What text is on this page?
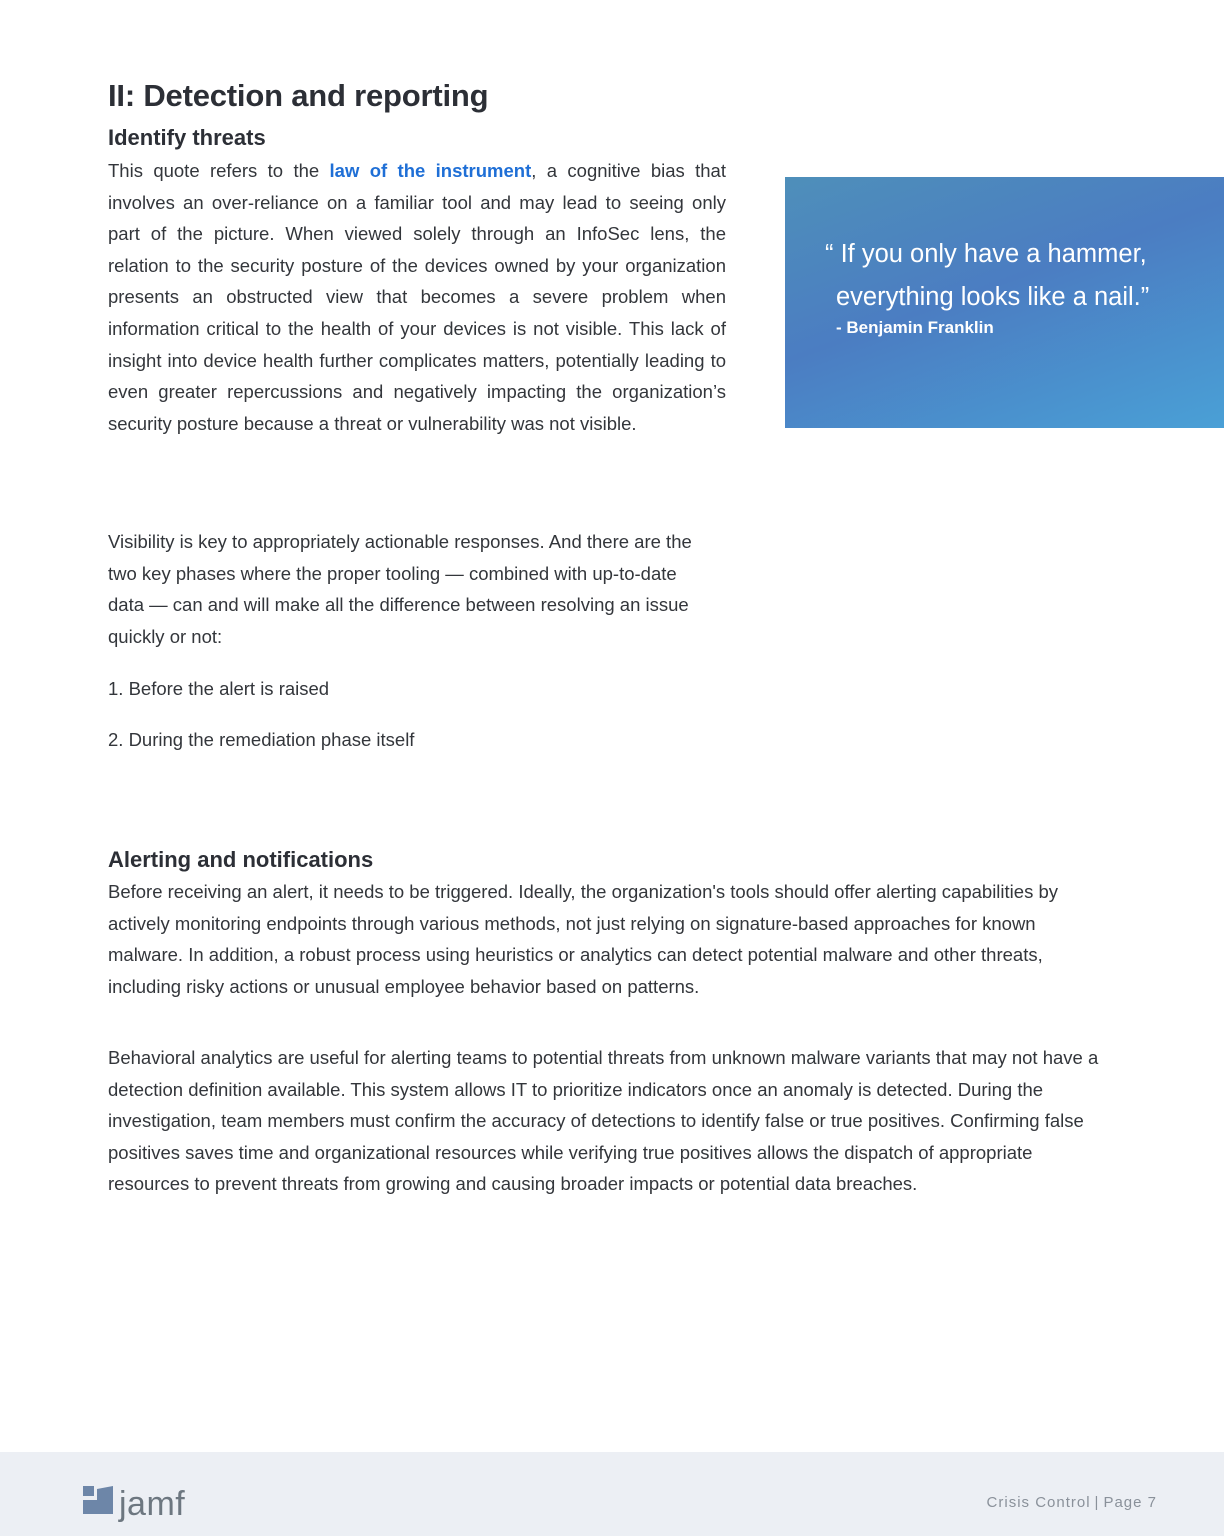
II: Detection and reporting
Identify threats

This quote refers to the law of the instrument, a cognitive bias that involves an over-reliance on a familiar tool and may lead to seeing only part of the picture. When viewed solely through an InfoSec lens, the relation to the security posture of the devices owned by your organization presents an obstructed view that becomes a severe problem when information critical to the health of your devices is not visible. This lack of insight into device health further complicates matters, potentially leading to even greater repercussions and negatively impacting the organization’s security posture because a threat or vulnerability was not visible.

“ If you only have a hammer,
everything looks like a nail.”

- Benjamin Franklin

Visibility is key to appropriately actionable responses. And there are the two key phases where the proper tooling — combined with up-to-date data — can and will make all the difference between resolving an issue quickly or not:

1. Before the alert is raised

2. During the remediation phase itself

Alerting and notifications

Before receiving an alert, it needs to be triggered. Ideally, the organization's tools should offer alerting capabilities by actively monitoring endpoints through various methods, not just relying on signature-based approaches for known malware. In addition, a robust process using heuristics or analytics can detect potential malware and other threats, including risky actions or unusual employee behavior based on patterns.

Behavioral analytics are useful for alerting teams to potential threats from unknown malware variants that may not have a detection definition available. This system allows IT to prioritize indicators once an anomaly is detected. During the investigation, team members must confirm the accuracy of detections to identify false or true positives. Confirming false positives saves time and organizational resources while verifying true positives allows the dispatch of appropriate resources to prevent threats from growing and causing broader impacts or potential data breaches.

jamf	Crisis Control | Page 7
